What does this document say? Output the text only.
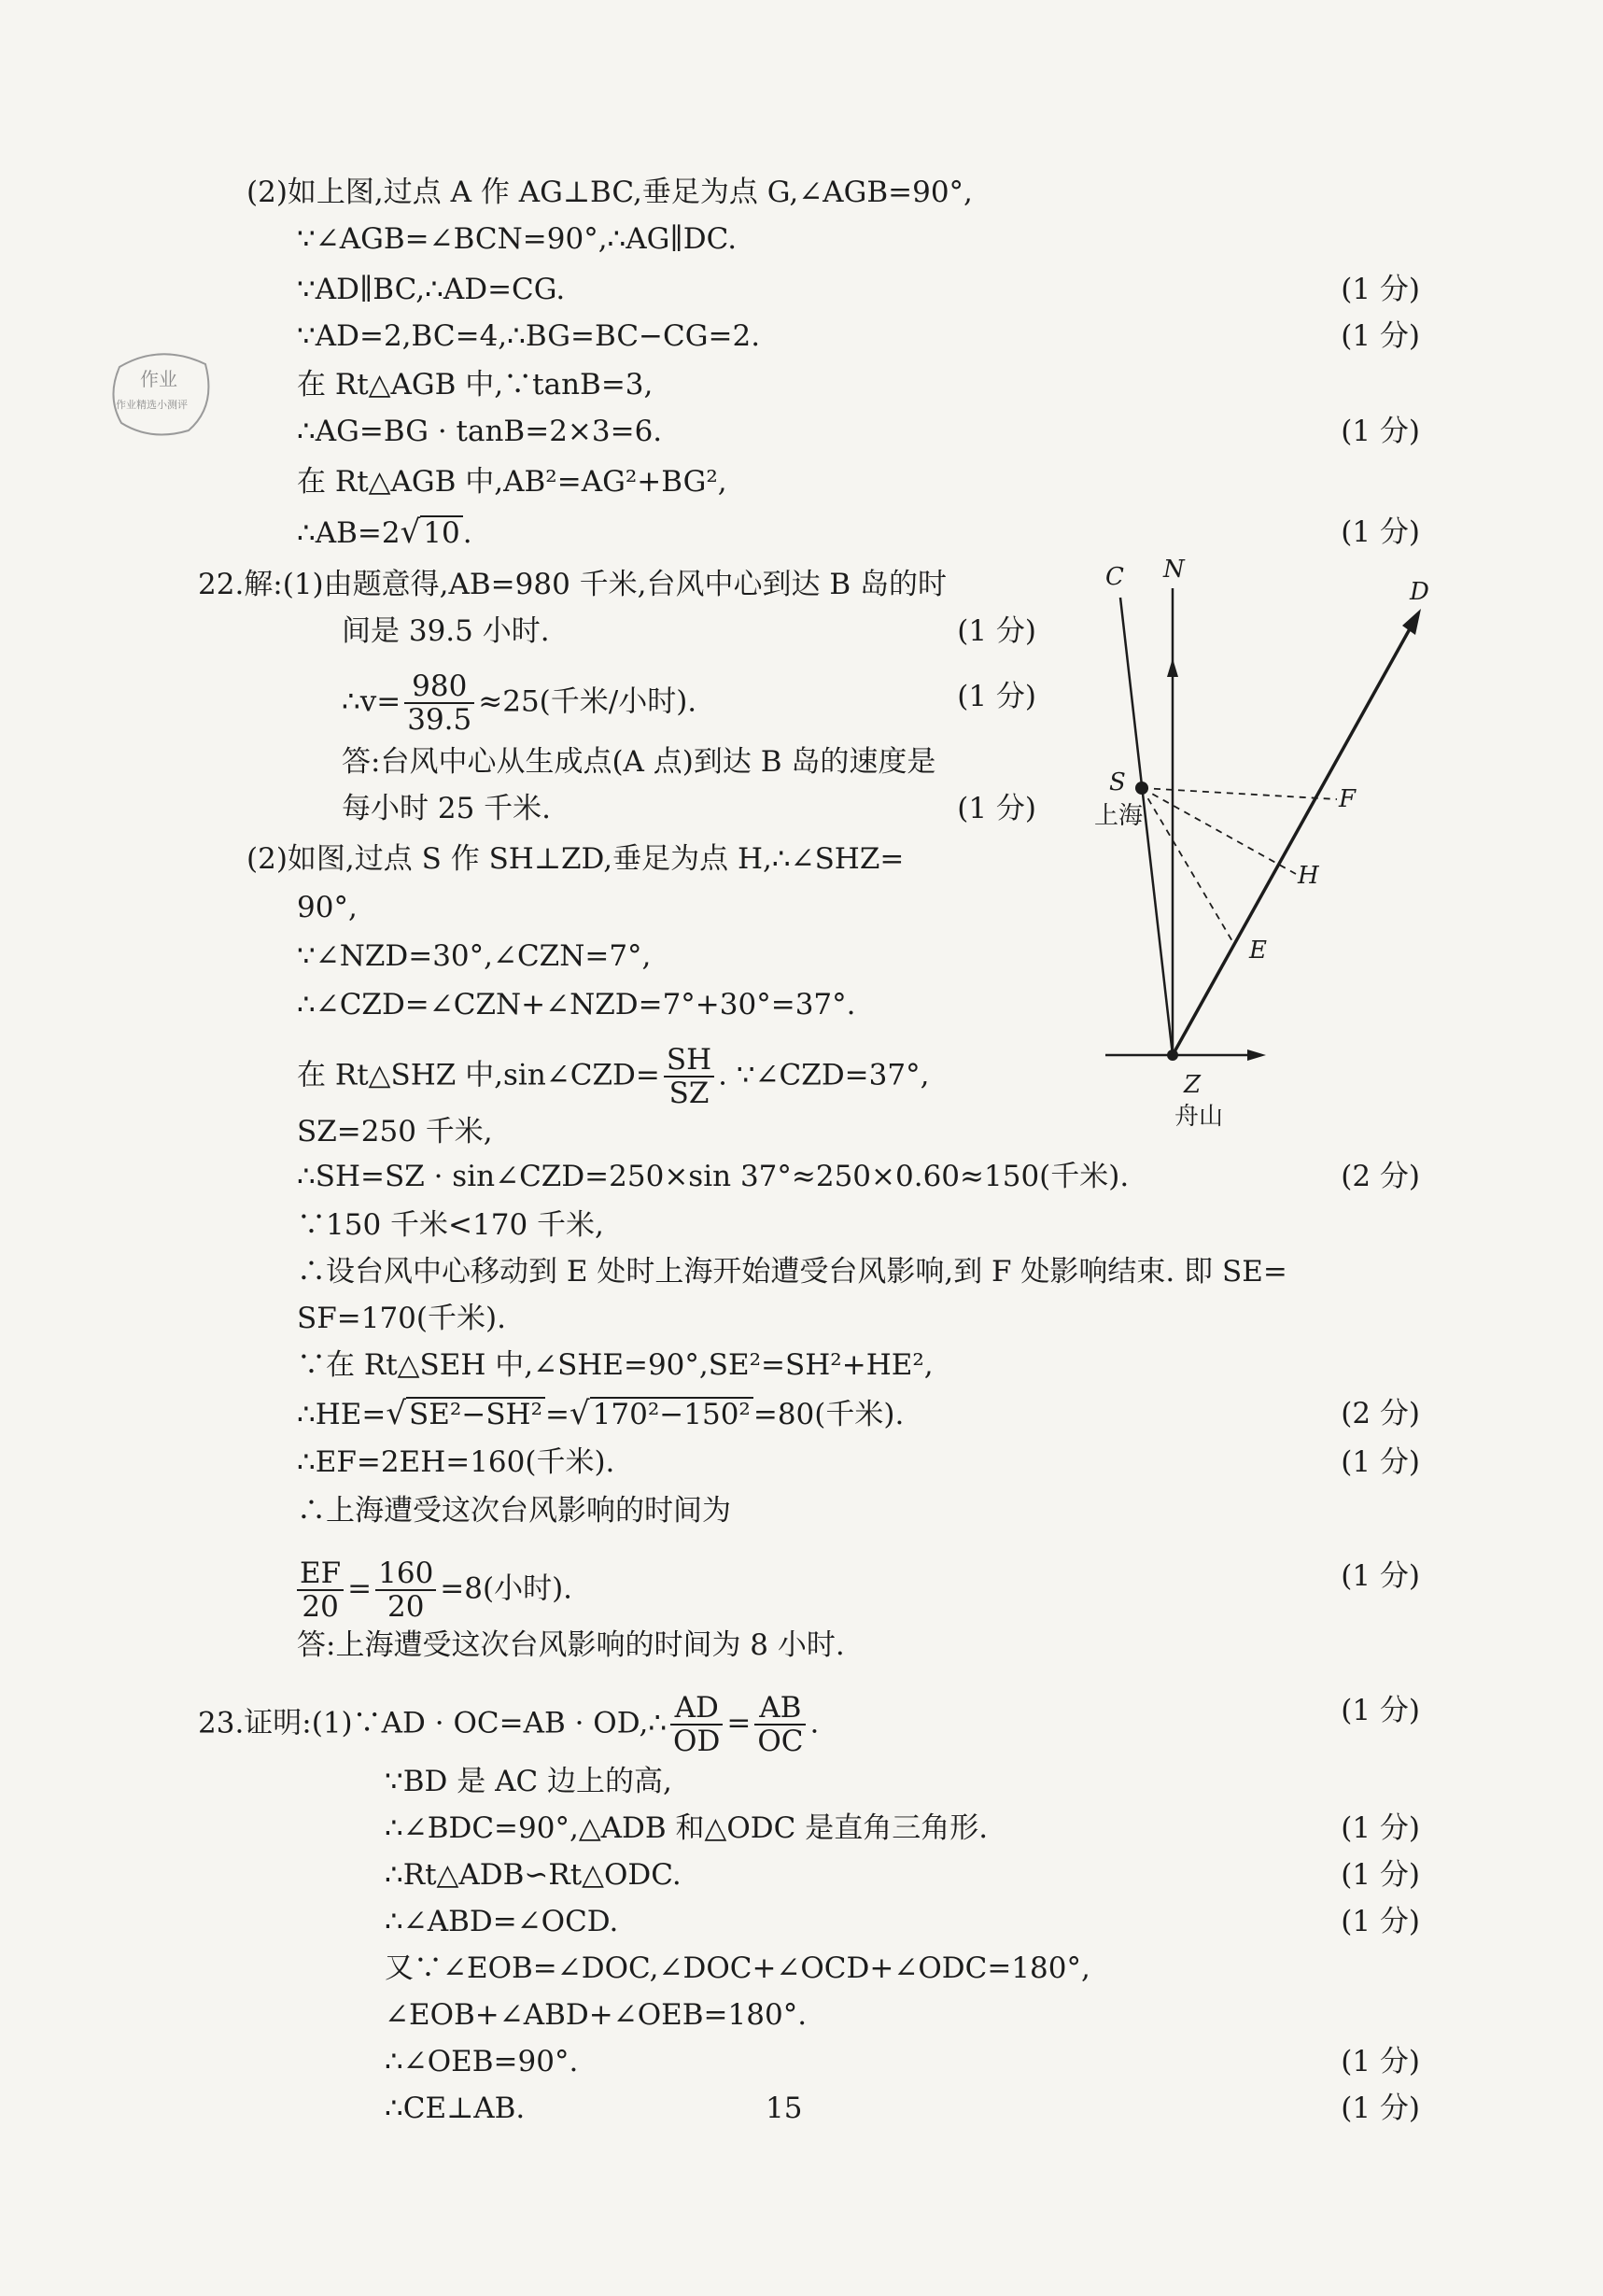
作业
作业精选小测评
(2)如上图,过点 A 作 AG⊥BC,垂足为点 G,∠AGB=90°,
∵∠AGB=∠BCN=90°,∴AG∥DC.
∵AD∥BC,∴AD=CG.
∵AD=2,BC=4,∴BG=BC−CG=2.
在 Rt△AGB 中,∵tanB=3,
∴AG=BG · tanB=2×3=6.
在 Rt△AGB 中,AB²=AG²+BG²,
∴AB=2√10.
22.解:(1)由题意得,AB=980 千米,台风中心到达 B 岛的时
间是 39.5 小时.
∴v= $\frac{980}{39.5} \approx 25$(千米/小时).
答:台风中心从生成点(A 点)到达 B 岛的速度是
每小时 25 千米.
(2)如图,过点 S 作 SH⊥ZD,垂足为点 H,∴∠SHZ=
90°,
∵∠NZD=30°,∠CZN=7°,
∴∠CZD=∠CZN+∠NZD=7°+30°=37°.
在 Rt△SHZ 中,sin∠CZD= $\frac{SH}{SZ}$ . ∵∠CZD=37°,
SZ=250 千米,
∴SH=SZ · sin∠CZD=250×sin 37°≈250×0.60≈150(千米).
∵150 千米<170 千米,
∴设台风中心移动到 E 处时上海开始遭受台风影响,到 F 处影响结束. 即 SE=
SF=170(千米).
∵在 Rt△SEH 中,∠SHE=90°,SE²=SH²+HE²,
∴HE=√SE²−SH²=√170²−150²=80(千米).
∴EF=2EH=160(千米).
∴上海遭受这次台风影响的时间为
$\frac{EF}{20} = \frac{160}{20} =8$(小时).
答:上海遭受这次台风影响的时间为 8 小时.
23.证明:(1)∵AD · OC=AB · OD,∴ $\frac{AD}{OD} = \frac{AB}{OC}$ .
∵BD 是 AC 边上的高,
∴∠BDC=90°,△ADB 和△ODC 是直角三角形.
∴Rt△ADB∽Rt△ODC.
∴∠ABD=∠OCD.
又∵∠EOB=∠DOC,∠DOC+∠OCD+∠ODC=180°,
∠EOB+∠ABD+∠OEB=180°.
∴∠OEB=90°.
∴CE⊥AB.
(1 分)
(1 分)
(1 分)
(1 分)
(1 分)
(1 分)
(1 分)
(2 分)
(2 分)
(1 分)
(1 分)
(1 分)
(1 分)
(1 分)
(1 分)
(1 分)
(1 分)
C N
D
S
上海
F
H
E
Z
舟山
15
